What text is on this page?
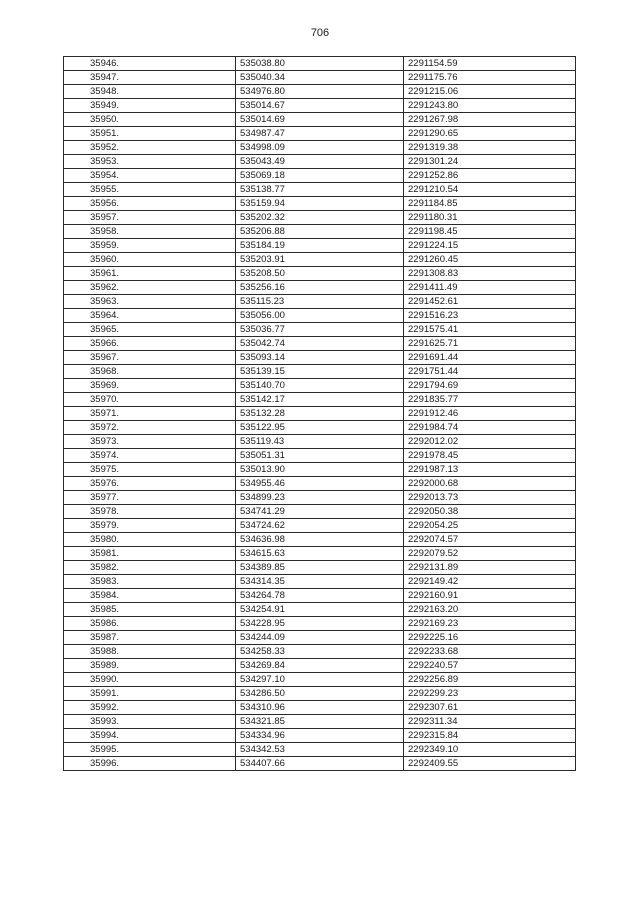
706
35946.	535038.80	2291154.59
35947.	535040.34	2291175.76
35948.	534976.80	2291215.06
35949.	535014.67	2291243.80
35950.	535014.69	2291267.98
35951.	534987.47	2291290.65
35952.	534998.09	2291319.38
35953.	535043.49	2291301.24
35954.	535069.18	2291252.86
35955.	535138.77	2291210.54
35956.	535159.94	2291184.85
35957.	535202.32	2291180.31
35958.	535206.88	2291198.45
35959.	535184.19	2291224.15
35960.	535203.91	2291260.45
35961.	535208.50	2291308.83
35962.	535256.16	2291411.49
35963.	535115.23	2291452.61
35964.	535056.00	2291516.23
35965.	535036.77	2291575.41
35966.	535042.74	2291625.71
35967.	535093.14	2291691.44
35968.	535139.15	2291751.44
35969.	535140.70	2291794.69
35970.	535142.17	2291835.77
35971.	535132.28	2291912.46
35972.	535122.95	2291984.74
35973.	535119.43	2292012.02
35974.	535051.31	2291978.45
35975.	535013.90	2291987.13
35976.	534955.46	2292000.68
35977.	534899.23	2292013.73
35978.	534741.29	2292050.38
35979.	534724.62	2292054.25
35980.	534636.98	2292074.57
35981.	534615.63	2292079.52
35982.	534389.85	2292131.89
35983.	534314.35	2292149.42
35984.	534264.78	2292160.91
35985.	534254.91	2292163.20
35986.	534228.95	2292169.23
35987.	534244.09	2292225.16
35988.	534258.33	2292233.68
35989.	534269.84	2292240.57
35990.	534297.10	2292256.89
35991.	534286.50	2292299.23
35992.	534310.96	2292307.61
35993.	534321.85	2292311.34
35994.	534334.96	2292315.84
35995.	534342.53	2292349.10
35996.	534407.66	2292409.55
